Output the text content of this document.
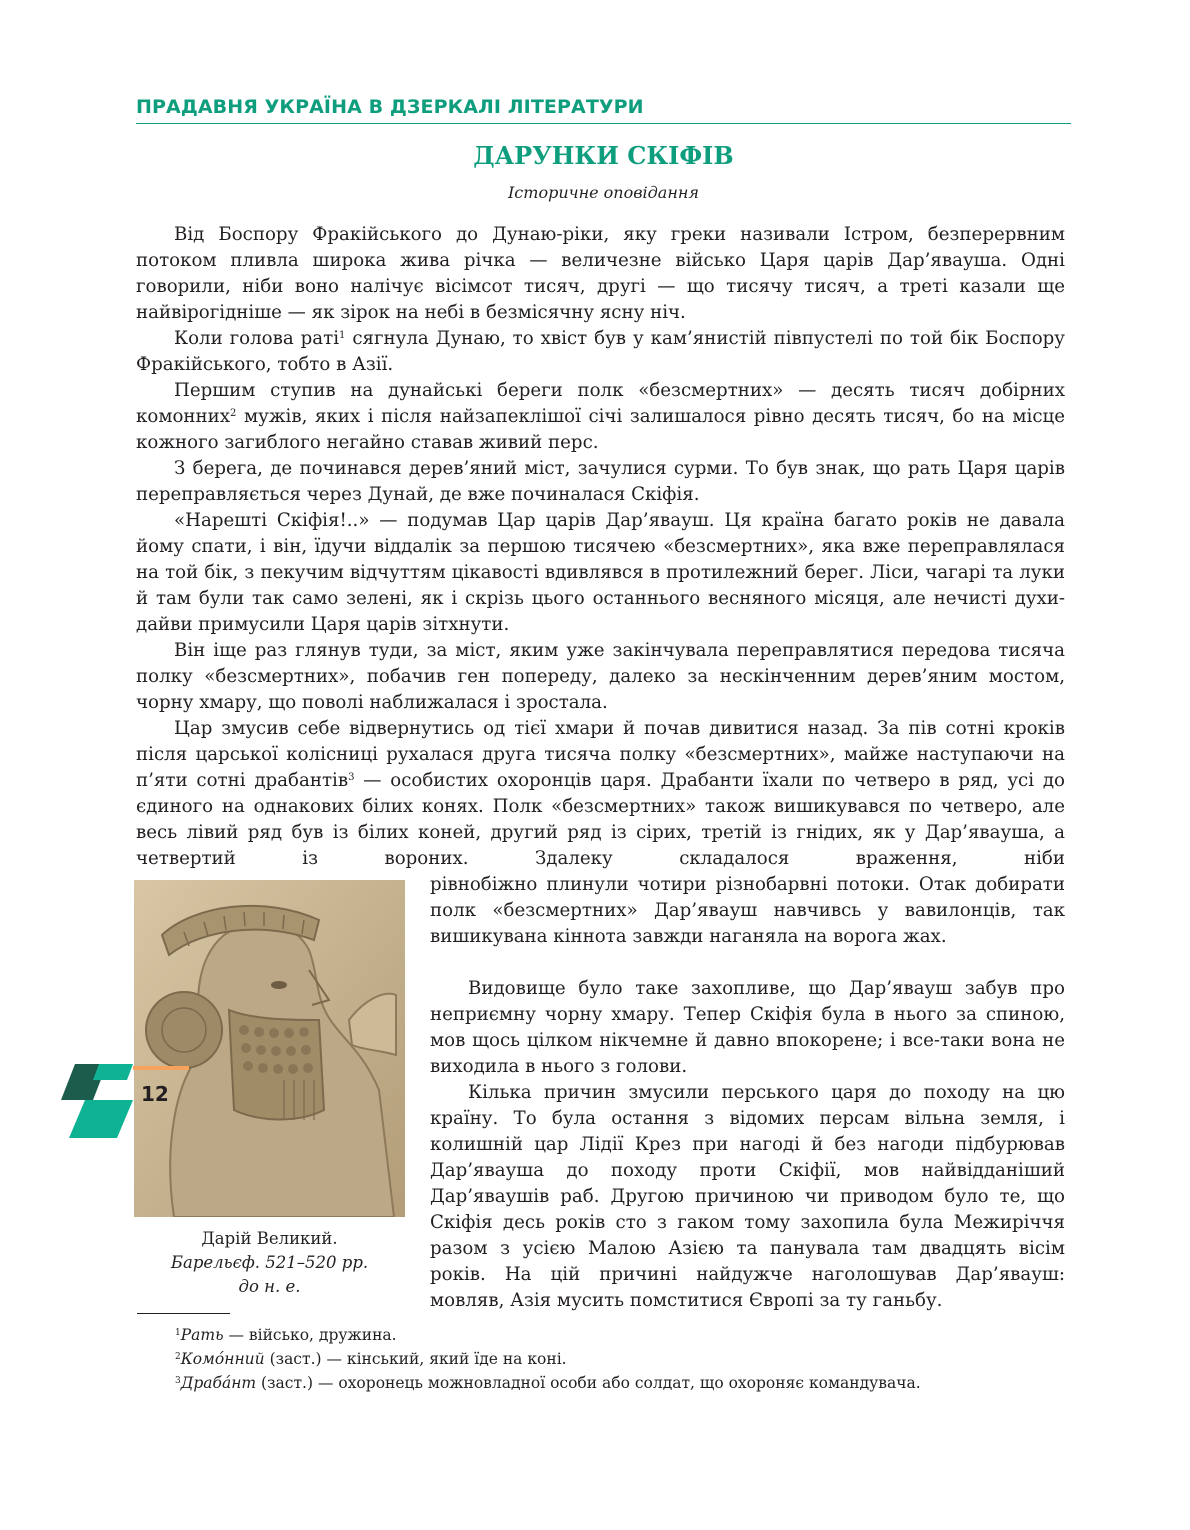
ПРАДАВНЯ УКРАЇНА В ДЗЕРКАЛІ ЛІТЕРАТУРИ
ДАРУНКИ СКІФІВ
Історичне оповідання

Від Боспору Фракійського до Дунаю-ріки, яку греки називали Істром, безперервним потоком пливла широка жива річка — величезне військо Царя царів Дар’явауша. Одні говорили, ніби воно налічує вісімсот тисяч, другі — що тисячу тисяч, а треті казали ще найвірогідніше — як зірок на небі в безмісячну ясну ніч.

Коли голова раті$^1$ сягнула Дунаю, то хвіст був у кам’янистій півпустелі по той бік Боспору Фракійського, тобто в Азії.

Першим ступив на дунайські береги полк «безсмертних» — десять тисяч добірних комонних$^2$ мужів, яких і після найзапеклішої січі залишалося рівно десять тисяч, бо на місце кожного загиблого негайно ставав живий перс.

З берега, де починався дерев’яний міст, зачулися сурми. То був знак, що рать Царя царів переправляється через Дунай, де вже починалася Скіфія.

«Нарешті Скіфія!..» — подумав Цар царів Дар’явауш. Ця країна багато років не давала йому спати, і він, їдучи віддалік за першою тисячею «безсмертних», яка вже переправлялася на той бік, з пекучим відчуттям цікавості вдивлявся в протилежний берег. Ліси, чагарі та луки й там були так само зелені, як і скрізь цього останнього весняного місяця, але нечисті духи-дайви примусили Царя царів зітхнути.

Він іще раз глянув туди, за міст, яким уже закінчувала переправлятися передова тисяча полку «безсмертних», побачив ген попереду, далеко за нескінченним дерев’яним мостом, чорну хмару, що поволі наближалася і зростала.

Цар змусив себе відвернутись од тієї хмари й почав дивитися назад. За пів сотні кроків після царської колісниці рухалася друга тисяча полку «безсмертних», майже наступаючи на п’яти сотні драбантів$^3$ — особистих охоронців царя. Драбанти їхали по четверо в ряд, усі до єдиного на однакових білих конях. Полк «безсмертних» також вишикувався по четверо, але весь лівий ряд був із білих коней, другий ряд із сірих, третій із гнідих, як у Дар’явауша, а четвертий із вороних. Здалеку складалося враження, ніби

рівнобіжно плинули чотири різнобарвні потоки. Отак добирати полк «безсмертних» Дар’явауш навчивсь у вавилонців, так вишикувана кіннота завжди наганяла на ворога жах.

Видовище було таке захопливе, що Дар’явауш забув про неприємну чорну хмару. Тепер Скіфія була в нього за спиною, мов щось цілком нікчемне й давно впокорене; і все-таки вона не виходила в нього з голови.

Кілька причин змусили перського царя до походу на цю країну. То була остання з відомих персам вільна земля, і колишній цар Лідії Крез при нагоді й без нагоди підбурював Дар’явауша до походу проти Скіфії, мов найвідданіший Дар’явaушів раб. Другою причиною чи приводом було те, що Скіфія десь років сто з гаком тому захопила була Межиріччя разом з усією Малою Азією та панувала там двадцять вісім років. На цій причині найдужче наголошував Дар’явауш: мовляв, Азія мусить помститися Європі за ту ганьбу.

Дарій Великий.
Барельєф. 521–520 рр.
до н. е.
$^1$Рать — військо, дружина.
$^2$Комо́нний (заст.) — кінський, який їде на коні.
$^3$Драба́нт (заст.) — охоронець можновладної особи або солдат, що охороняє командувача.
12
